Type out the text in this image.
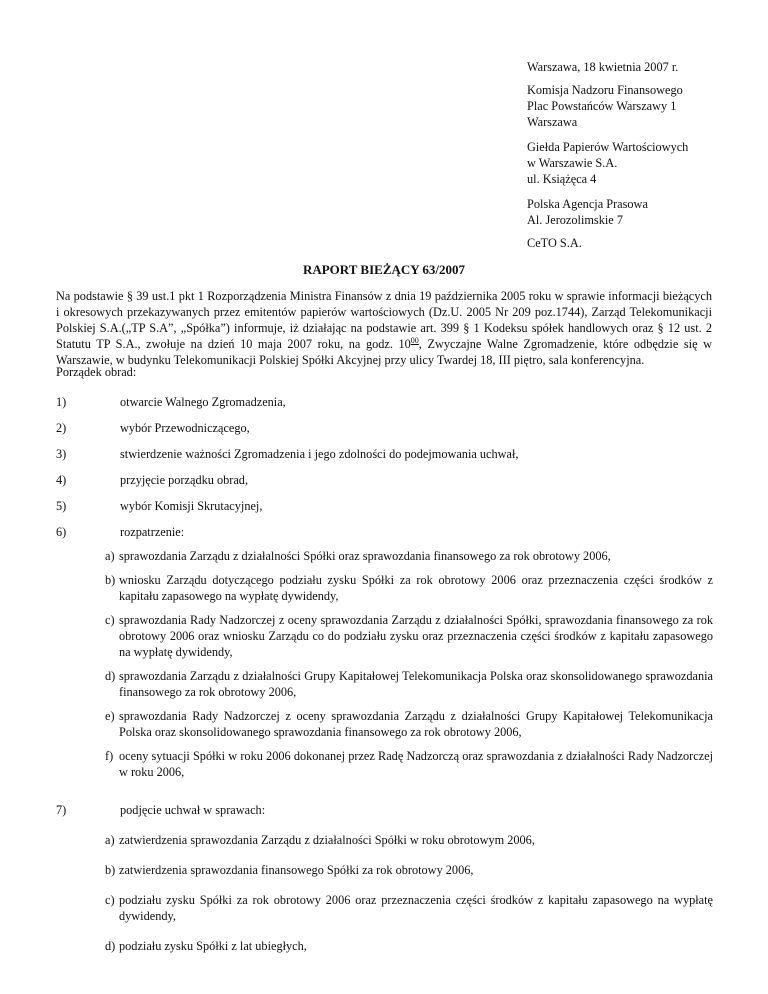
Warszawa, 18 kwietnia 2007 r.
Komisja Nadzoru Finansowego
Plac Powstańców Warszawy 1
Warszawa
Giełda Papierów Wartościowych
w Warszawie S.A.
ul. Książęca 4
Polska Agencja Prasowa
Al. Jerozolimskie 7
CeTO S.A.
RAPORT BIEŻĄCY 63/2007

Na podstawie § 39 ust.1 pkt 1 Rozporządzenia Ministra Finansów z dnia 19 października 2005 roku w sprawie informacji bieżących i okresowych przekazywanych przez emitentów papierów wartościowych (Dz.U. 2005 Nr 209 poz.1744), Zarząd Telekomunikacji Polskiej S.A.(„TP S.A”, „Spółka”) informuje, iż działając na podstawie art. 399 § 1 Kodeksu spółek handlowych oraz § 12 ust. 2 Statutu TP S.A., zwołuje na dzień 10 maja 2007 roku, na godz. $10^{00}$, Zwyczajne Walne Zgromadzenie, które odbędzie się w Warszawie, w budynku Telekomunikacji Polskiej Spółki Akcyjnej przy ulicy Twardej 18, III piętro, sala konferencyjna.

Porządek obrad:
1)	otwarcie Walnego Zgromadzenia,
2)	wybór Przewodniczącego,
3)	stwierdzenie ważności Zgromadzenia i jego zdolności do podejmowania uchwał,
4)	przyjęcie porządku obrad,
5)	wybór Komisji Skrutacyjnej,
6)	rozpatrzenie:
a) sprawozdania Zarządu z działalności Spółki oraz sprawozdania finansowego za rok obrotowy 2006,
b) wniosku Zarządu dotyczącego podziału zysku Spółki za rok obrotowy 2006 oraz przeznaczenia części środków z kapitału zapasowego na wypłatę dywidendy,
c) sprawozdania Rady Nadzorczej z oceny sprawozdania Zarządu z działalności Spółki, sprawozdania finansowego za rok obrotowy 2006 oraz wniosku Zarządu co do podziału zysku oraz przeznaczenia części środków z kapitału zapasowego na wypłatę dywidendy,
d) sprawozdania Zarządu z działalności Grupy Kapitałowej Telekomunikacja Polska oraz skonsolidowanego sprawozdania finansowego za rok obrotowy 2006,
e) sprawozdania Rady Nadzorczej z oceny sprawozdania Zarządu z działalności Grupy Kapitałowej Telekomunikacja Polska oraz skonsolidowanego sprawozdania finansowego za rok obrotowy 2006,
f) oceny sytuacji Spółki w roku 2006 dokonanej przez Radę Nadzorczą oraz sprawozdania z działalności Rady Nadzorczej w roku 2006,
7)	podjęcie uchwał w sprawach:
a) zatwierdzenia sprawozdania Zarządu z działalności Spółki w roku obrotowym 2006,
b) zatwierdzenia sprawozdania finansowego Spółki za rok obrotowy 2006,
c) podziału zysku Spółki za rok obrotowy 2006 oraz przeznaczenia części środków z kapitału zapasowego na wypłatę dywidendy,
d) podziału zysku Spółki z lat ubiegłych,
